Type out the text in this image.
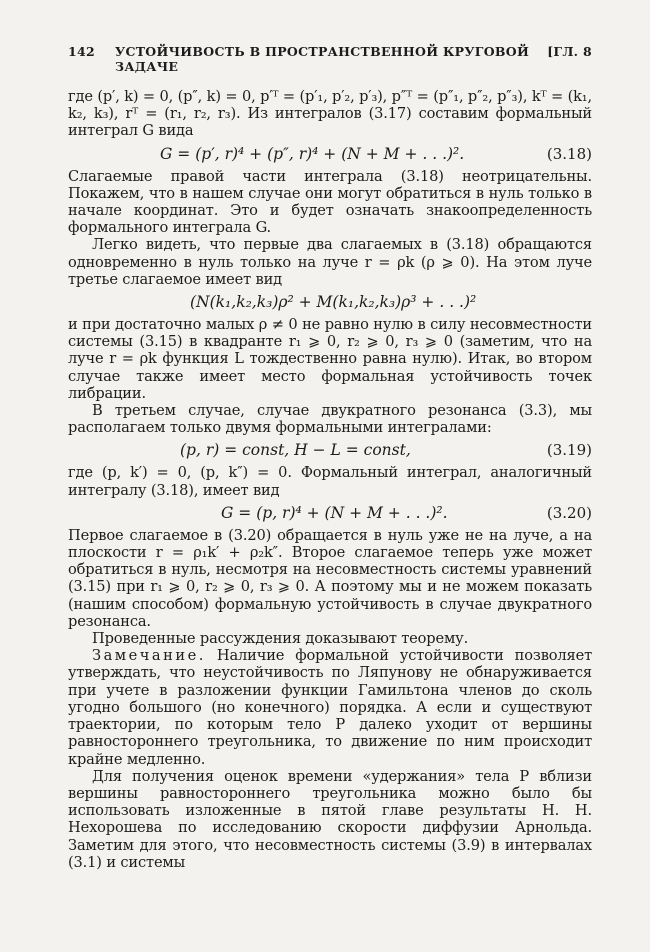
142 УСТОЙЧИВОСТЬ В ПРОСТРАНСТВЕННОЙ КРУГОВОЙ ЗАДАЧЕ
[ГЛ. 8

где (p′, k) = 0, (p″, k) = 0, p′ᵀ = (p′₁, p′₂, p′₃), p″ᵀ = (p″₁, p″₂, p″₃), kᵀ = (k₁, k₂, k₃), rᵀ = (r₁, r₂, r₃). Из интегралов (3.17) составим формальный интеграл G вида

G = (p′, r)⁴ + (p″, r)⁴ + (N + M + . . .)².	(3.18)

Слагаемые правой части интеграла (3.18) неотрицательны. Покажем, что в нашем случае они могут обратиться в нуль только в начале координат. Это и будет означать знакоопределенность формального интеграла G.

Легко видеть, что первые два слагаемых в (3.18) обращаются одновременно в нуль только на луче r = ρk (ρ ⩾ 0). На этом луче третье слагаемое имеет вид

(N(k₁,k₂,k₃)ρ² + M(k₁,k₂,k₃)ρ³ + . . .)²

и при достаточно малых ρ ≠ 0 не равно нулю в силу несовместности системы (3.15) в квадранте r₁ ⩾ 0, r₂ ⩾ 0, r₃ ⩾ 0 (заметим, что на луче r = ρk функция L тождественно равна нулю). Итак, во втором случае также имеет место формальная устойчивость точек либрации.

В третьем случае, случае двукратного резонанса (3.3), мы располагаем только двумя формальными интегралами:

(p, r) = const, H − L = const,	(3.19)

где (p, k′) = 0, (p, k″) = 0. Формальный интеграл, аналогичный интегралу (3.18), имеет вид

G = (p, r)⁴ + (N + M + . . .)².	(3.20)

Первое слагаемое в (3.20) обращается в нуль уже не на луче, а на плоскости r = ρ₁k′ + ρ₂k″. Второе слагаемое теперь уже может обратиться в нуль, несмотря на несовместность системы уравнений (3.15) при r₁ ⩾ 0, r₂ ⩾ 0, r₃ ⩾ 0. А поэтому мы и не можем показать (нашим способом) формальную устойчивость в случае двукратного резонанса.

Проведенные рассуждения доказывают теорему.

Замечание. Наличие формальной устойчивости позволяет утверждать, что неустойчивость по Ляпунову не обнаруживается при учете в разложении функции Гамильтона членов до сколь угодно большого (но конечного) порядка. А если и существуют траектории, по которым тело P далеко уходит от вершины равностороннего треугольника, то движение по ним происходит крайне медленно.

Для получения оценок времени «удержания» тела P вблизи вершины равностороннего треугольника можно было бы использовать изложенные в пятой главе результаты Н. Н. Нехорошева по исследованию скорости диффузии Арнольда. Заметим для этого, что несовместность системы (3.9) в интервалах (3.1) и системы
